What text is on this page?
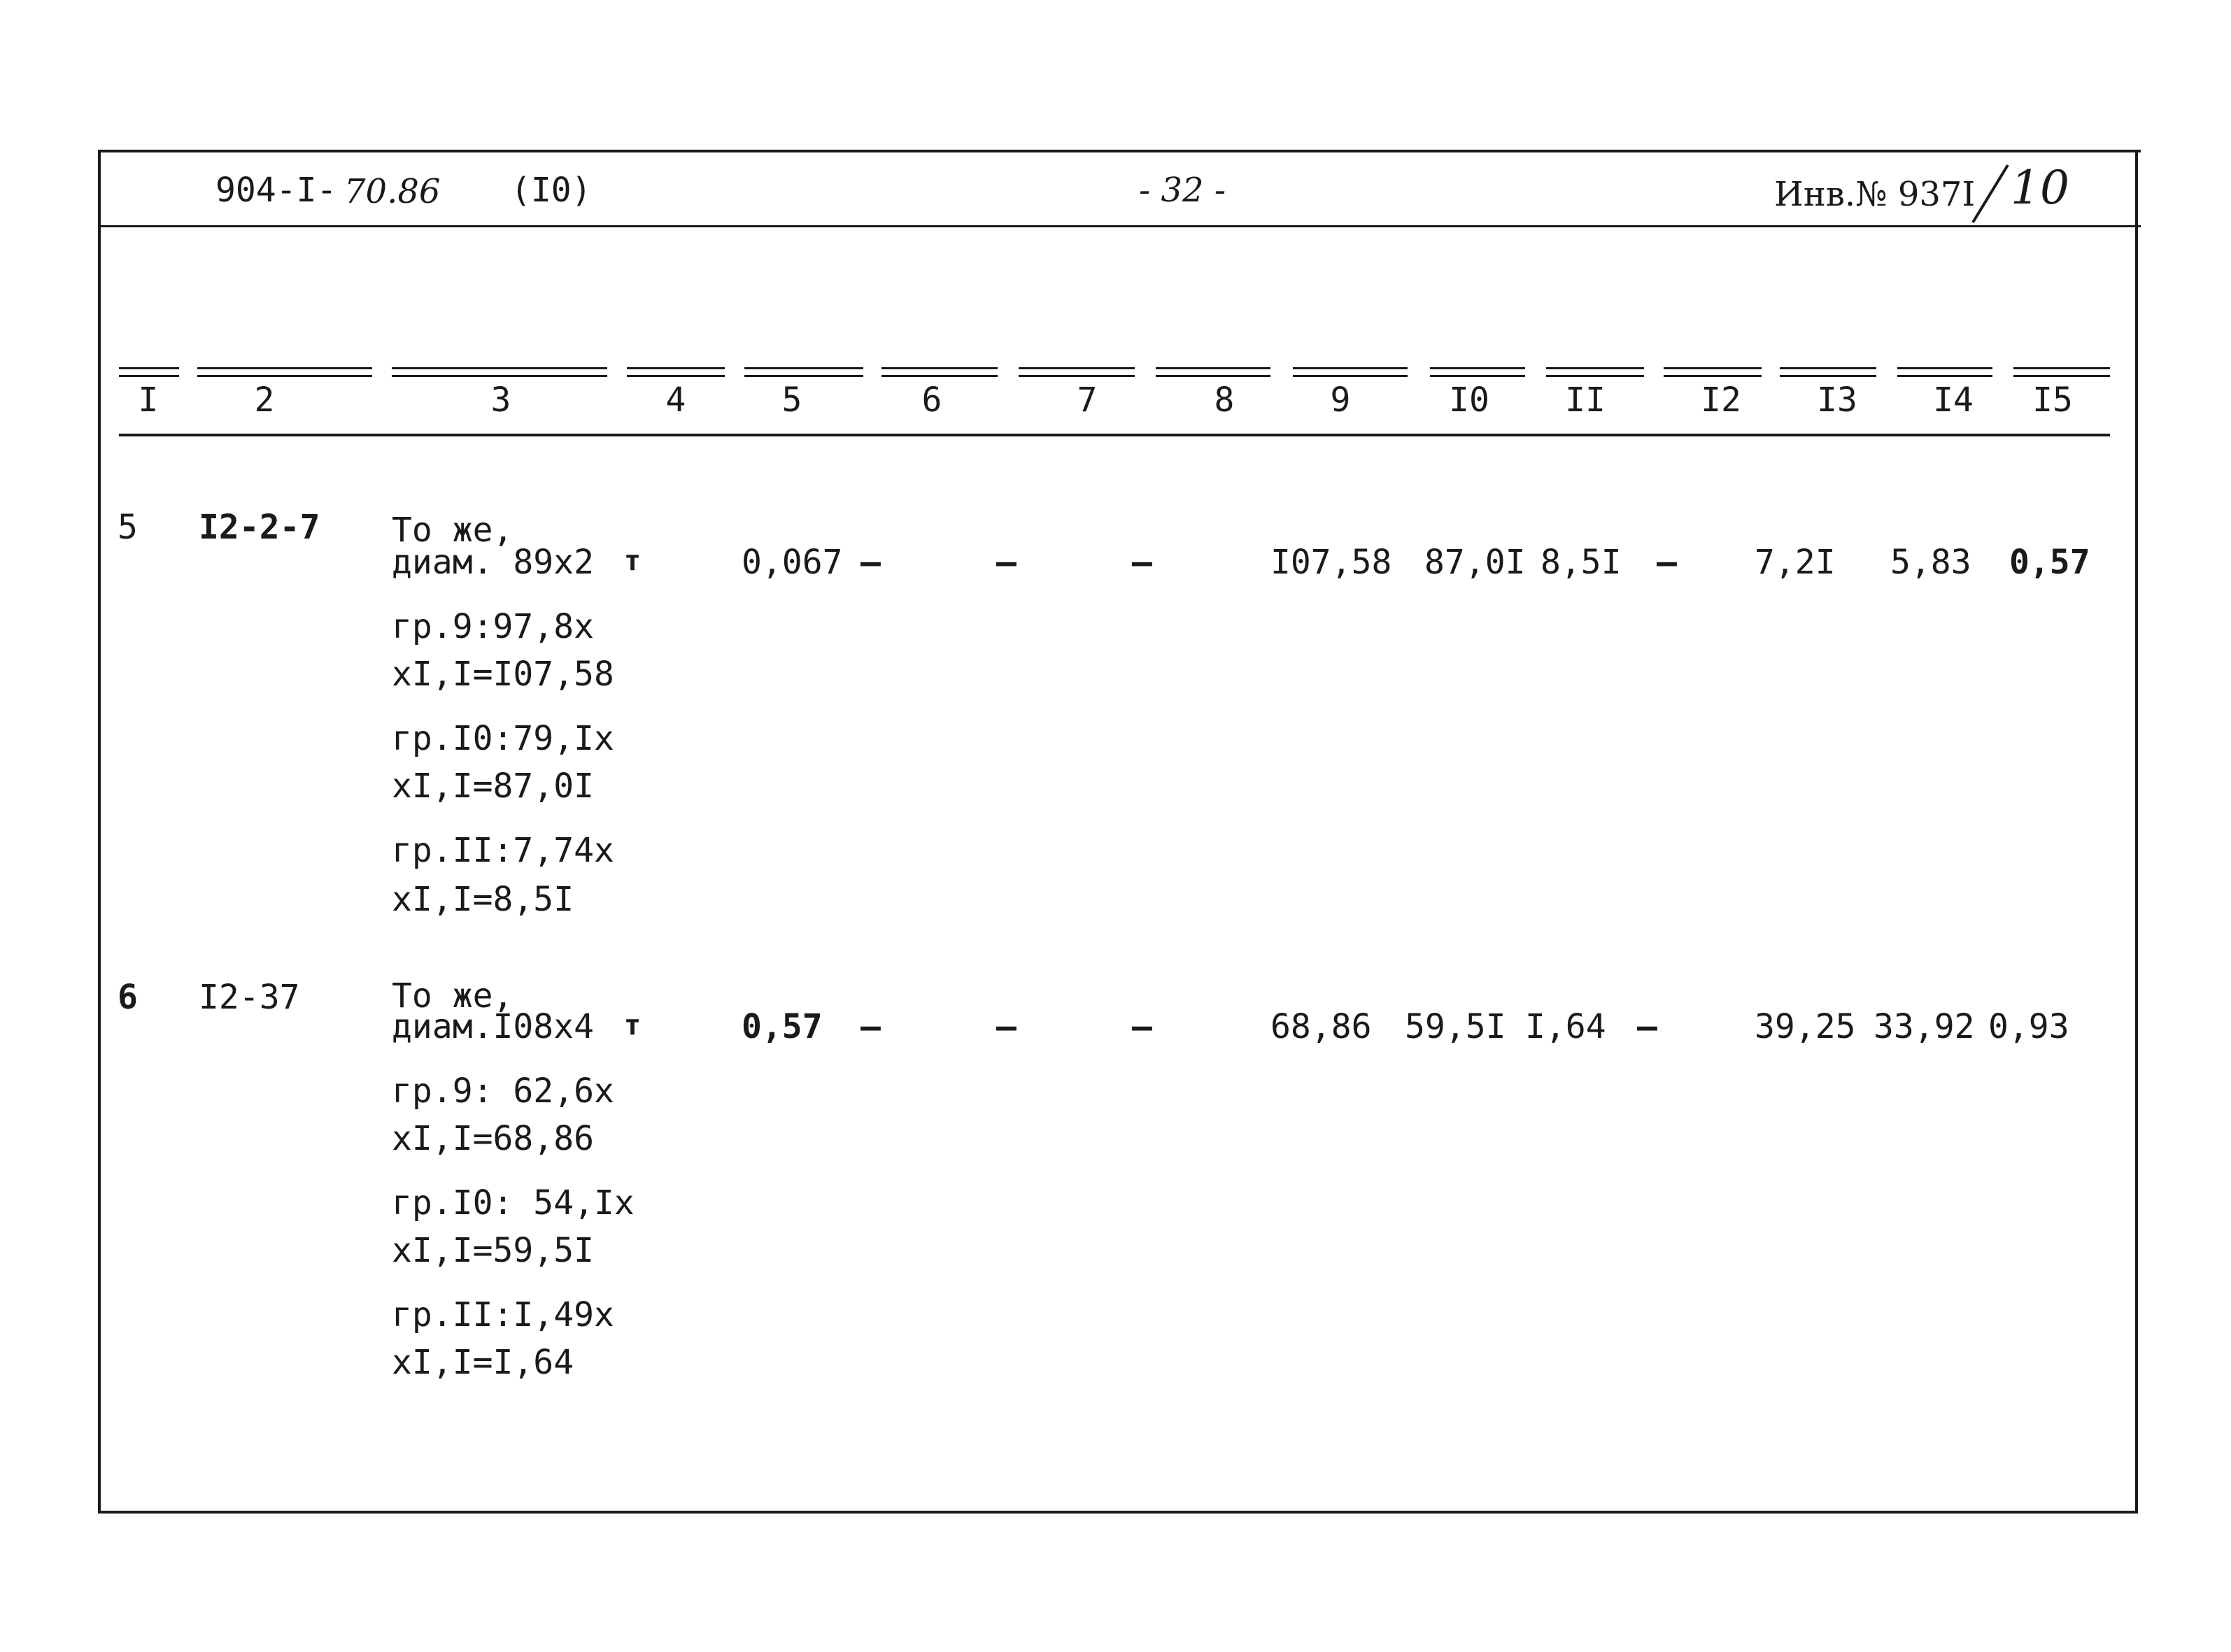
904-I- 70.86 (I0)	- 32 -	Инв.№ 937I 10
I	2	3	4	5	6	7	8	9	I0	II	I2	I3	I4	I5
5 I2-2-7 То же,
диам. 89x2 т	0,067 –	–	–	I07,58 87,0I 8,5I – 7,2I 5,83 0,57
гр.9:97,8x
xI,I=I07,58
гр.I0:79,Ix
xI,I=87,0I
гр.II:7,74x
xI,I=8,5I
6 I2-37	То же,
диам.I08x4 т	0,57 –	–	–	68,86 59,5I I,64 –	39,25 33,92 0,93
гр.9: 62,6x
xI,I=68,86
гр.I0: 54,Ix
xI,I=59,5I
гр.II:I,49x
xI,I=I,64
